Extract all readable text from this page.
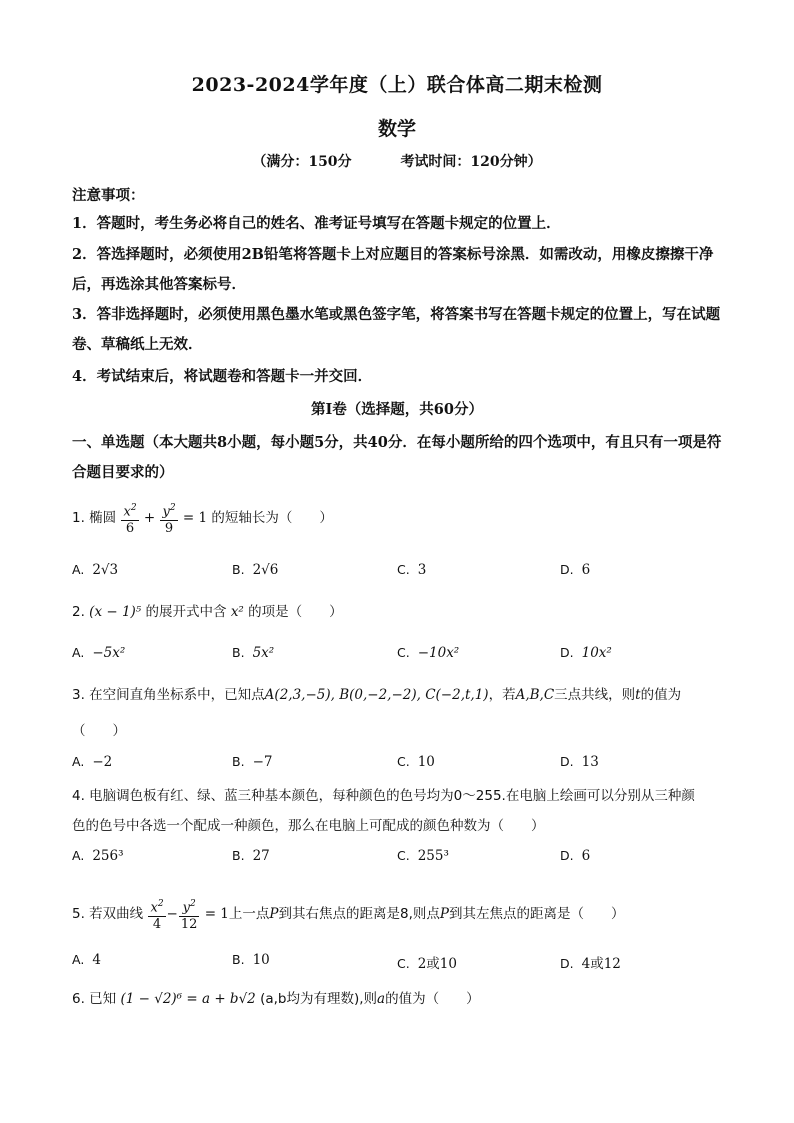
2023-2024学年度（上）联合体高二期末检测
数学
（满分：150分	考试时间：120分钟）
注意事项：
1．答题时，考生务必将自己的姓名、准考证号填写在答题卡规定的位置上．
2．答选择题时，必须使用2B铅笔将答题卡上对应题目的答案标号涂黑．如需改动，用橡皮擦擦干净后，再选涂其他答案标号．
3．答非选择题时，必须使用黑色墨水笔或黑色签字笔，将答案书写在答题卡规定的位置上，写在试题卷、草稿纸上无效．
4．考试结束后，将试题卷和答题卡一并交回．
第Ⅰ卷（选择题，共60分）
一、单选题（本大题共8小题，每小题5分，共40分．在每小题所给的四个选项中，有且只有一项是符合题目要求的）
1. 椭圆 $\frac{x^2}{6} + \frac{y^2}{9} = 1$ 的短轴长为（　　）
A. 2√3	B. 2√6	C. 3	D. 6
2. (x − 1)⁵ 的展开式中含 x² 的项是（　　）
A. −5x²	B. 5x²	C. −10x²	D. 10x²
3. 在空间直角坐标系中，已知点A(2,3,−5), B(0,−2,−2), C(−2,t,1)，若A,B,C三点共线，则t的值为
（　　）
A. −2	B. −7	C. 10	D. 13
4. 电脑调色板有红、绿、蓝三种基本颜色，每种颜色的色号均为0～255.在电脑上绘画可以分别从三种颜
色的色号中各选一个配成一种颜色，那么在电脑上可配成的颜色种数为（　　）
A. 256³	B. 27	C. 255³	D. 6
5. 若双曲线 $\frac{x^2}{4} - \frac{y^2}{12} = 1$上一点P到其右焦点的距离是8,则点P到其左焦点的距离是（　　）
A. 4	B. 10	C. 2或10	D. 4或12
6. 已知 (1 − √2)⁶ = a + b√2 (a,b均为有理数),则a的值为（　　）
